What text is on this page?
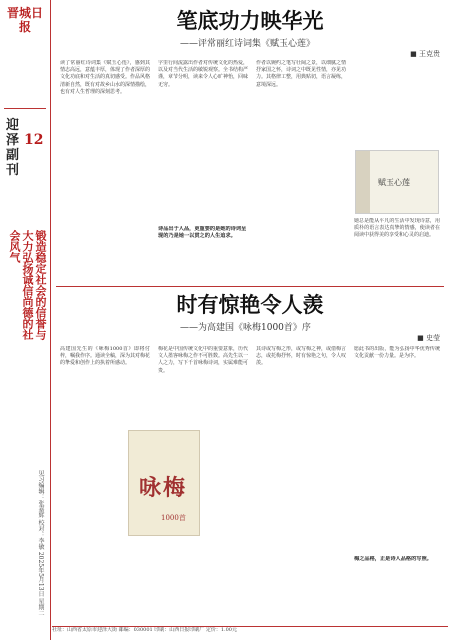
晋城日报
迎泽副刊
12
锻造稳定社会的信誉与大力弘扬诚信尚德的社会风气
见习编辑：张嘉辉 校对：李敏 2025年5月13日 星期二
笔底功力映华光
——评常丽红诗词集《赋玉心莲》
■ 王克贵
读了常丽红诗词集《赋玉心莲》，感到其情志高远，意蕴丰厚，体现了作者深厚的文化功底和对生活的真切感受。作品风格清新自然，既有对故乡山水的深情描绘，也有对人生哲理的深刻思考。
字里行间流露出作者对传统文化的热爱，以及对当代生活的敏锐观察。全书结构严谨，章节分明，读来令人心旷神怡，回味无穷。
诗品出于人品，更重要的是她的诗词呈现的乃是她一以贯之的人生追求。
作者以婉约之笔写壮阔之景，以细腻之情抒家国之怀，诗词之中既见性情，亦见功力。其格律工整，用典贴切，语言凝练，意境深远。
她总是能从平凡的生活中发现诗意，用质朴的语言表达真挚的情感，使读者在阅读中获得美的享受和心灵的启迪。
赋玉心莲
时有惊艳令人羡
——为高建国《咏梅1000首》序
■ 史莹
高建国先生的《咏梅1000首》即将付梓，嘱我作序。通读全稿，深为其对梅花的挚爱和创作上的执着所感动。
梅花是中国传统文化中的重要意象，历代文人墨客咏梅之作不可胜数。高先生以一人之力，写下千首咏梅诗词，实属难能可贵。
其诗或写梅之形，或写梅之神，或借梅言志，或托梅抒怀，时有惊艳之句，令人叹羡。
愿此书的出版，能为弘扬中华优秀传统文化贡献一份力量。是为序。
梅之品格，正是诗人品格的写照。
咏梅
1000首
社址：山西省太原市迎泽大街 邮编：030001 印刷：山西日报印刷厂 定价：1.00元
